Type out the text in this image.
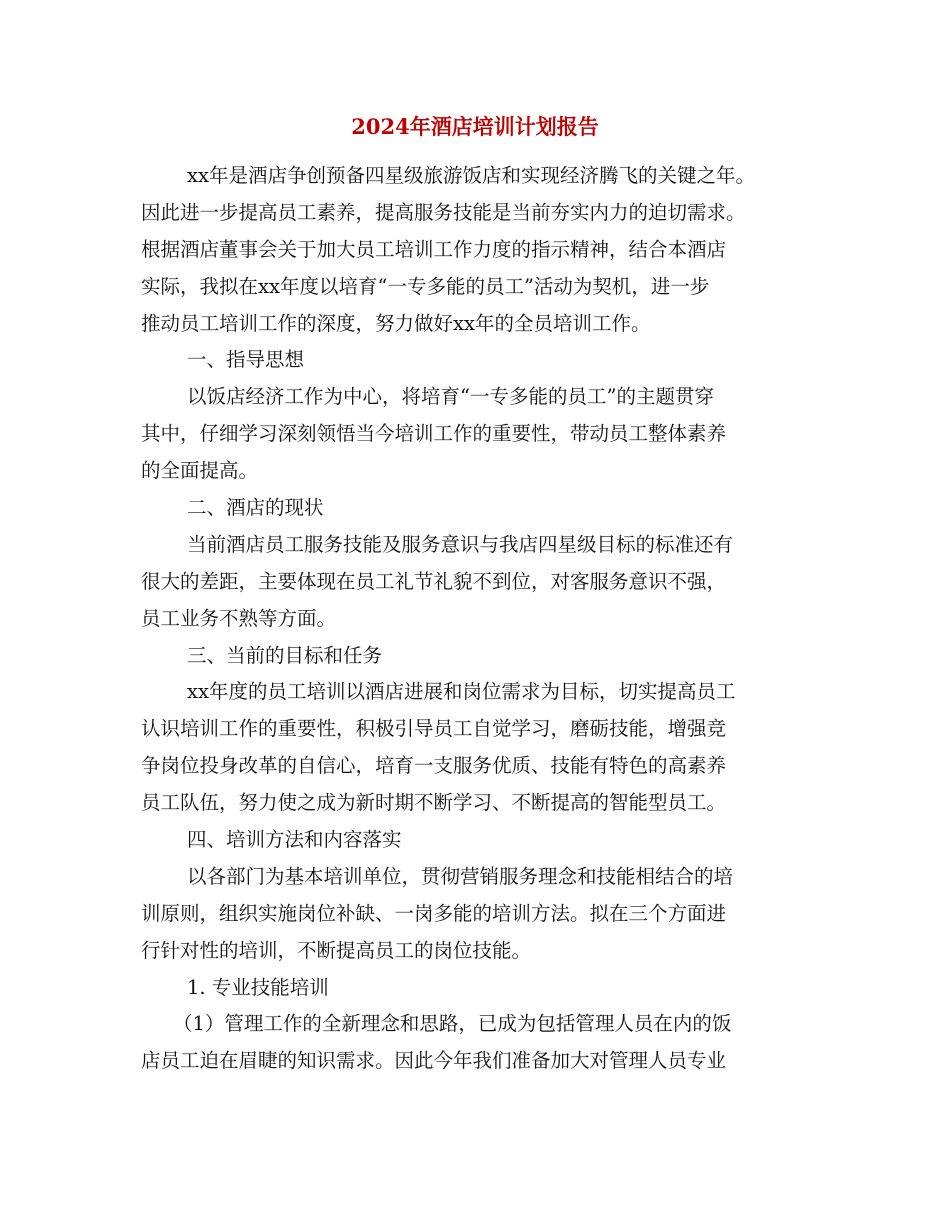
2024年酒店培训计划报告
xx年是酒店争创预备四星级旅游饭店和实现经济腾飞的关键之年。
因此进一步提高员工素养，提高服务技能是当前夯实内力的迫切需求。
根据酒店董事会关于加大员工培训工作力度的指示精神，结合本酒店
实际，我拟在xx年度以培育“一专多能的员工”活动为契机，进一步
推动员工培训工作的深度，努力做好xx年的全员培训工作。
一、指导思想
以饭店经济工作为中心，将培育“一专多能的员工”的主题贯穿
其中，仔细学习深刻领悟当今培训工作的重要性，带动员工整体素养
的全面提高。
二、酒店的现状
当前酒店员工服务技能及服务意识与我店四星级目标的标准还有
很大的差距，主要体现在员工礼节礼貌不到位，对客服务意识不强，
员工业务不熟等方面。
三、当前的目标和任务
xx年度的员工培训以酒店进展和岗位需求为目标，切实提高员工
认识培训工作的重要性，积极引导员工自觉学习，磨砺技能，增强竞
争岗位投身改革的自信心，培育一支服务优质、技能有特色的高素养
员工队伍，努力使之成为新时期不断学习、不断提高的智能型员工。
四、培训方法和内容落实
以各部门为基本培训单位，贯彻营销服务理念和技能相结合的培
训原则，组织实施岗位补缺、一岗多能的培训方法。拟在三个方面进
行针对性的培训，不断提高员工的岗位技能。
1. 专业技能培训
（1）管理工作的全新理念和思路，已成为包括管理人员在内的饭
店员工迫在眉睫的知识需求。因此今年我们准备加大对管理人员专业
